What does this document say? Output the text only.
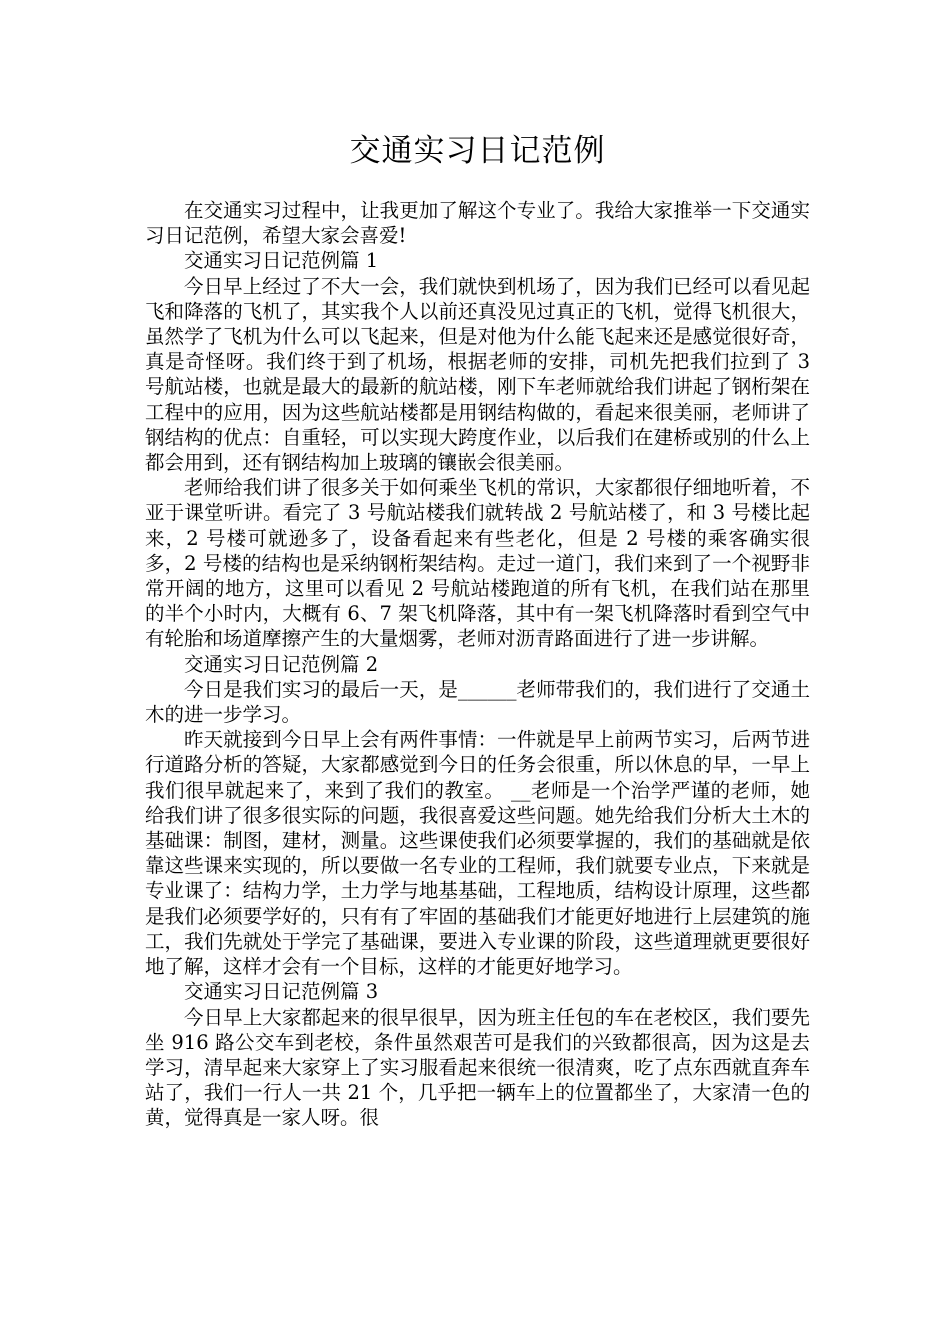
交通实习日记范例

在交通实习过程中，让我更加了解这个专业了。我给大家推举一下交通实习日记范例，希望大家会喜爱!

交通实习日记范例篇 1

今日早上经过了不大一会，我们就快到机场了，因为我们已经可以看见起飞和降落的飞机了，其实我个人以前还真没见过真正的飞机，觉得飞机很大，虽然学了飞机为什么可以飞起来，但是对他为什么能飞起来还是感觉很好奇，真是奇怪呀。我们终于到了机场，根据老师的安排，司机先把我们拉到了 3 号航站楼，也就是最大的最新的航站楼，刚下车老师就给我们讲起了钢桁架在工程中的应用，因为这些航站楼都是用钢结构做的，看起来很美丽，老师讲了钢结构的优点：自重轻，可以实现大跨度作业，以后我们在建桥或别的什么上都会用到，还有钢结构加上玻璃的镶嵌会很美丽。

老师给我们讲了很多关于如何乘坐飞机的常识，大家都很仔细地听着，不亚于课堂听讲。看完了 3 号航站楼我们就转战 2 号航站楼了，和 3 号楼比起来，2 号楼可就逊多了，设备看起来有些老化，但是 2 号楼的乘客确实很多，2 号楼的结构也是采纳钢桁架结构。走过一道门，我们来到了一个视野非常开阔的地方，这里可以看见 2 号航站楼跑道的所有飞机，在我们站在那里的半个小时内，大概有 6、7 架飞机降落，其中有一架飞机降落时看到空气中有轮胎和场道摩擦产生的大量烟雾，老师对沥青路面进行了进一步讲解。

交通实习日记范例篇 2

今日是我们实习的最后一天，是______老师带我们的，我们进行了交通土木的进一步学习。

昨天就接到今日早上会有两件事情：一件就是早上前两节实习，后两节进行道路分析的答疑，大家都感觉到今日的任务会很重，所以休息的早，一早上我们很早就起来了，来到了我们的教室。 __老师是一个治学严谨的老师，她给我们讲了很多很实际的问题，我很喜爱这些问题。她先给我们分析大土木的基础课：制图，建材，测量。这些课使我们必须要掌握的，我们的基础就是依靠这些课来实现的，所以要做一名专业的工程师，我们就要专业点，下来就是专业课了：结构力学，土力学与地基基础，工程地质，结构设计原理，这些都是我们必须要学好的，只有有了牢固的基础我们才能更好地进行上层建筑的施工，我们先就处于学完了基础课，要进入专业课的阶段，这些道理就更要很好地了解，这样才会有一个目标，这样的才能更好地学习。

交通实习日记范例篇 3

今日早上大家都起来的很早很早，因为班主任包的车在老校区，我们要先坐 916 路公交车到老校，条件虽然艰苦可是我们的兴致都很高，因为这是去学习，清早起来大家穿上了实习服看起来很统一很清爽，吃了点东西就直奔车站了，我们一行人一共 21 个，几乎把一辆车上的位置都坐了，大家清一色的黄，觉得真是一家人呀。很
